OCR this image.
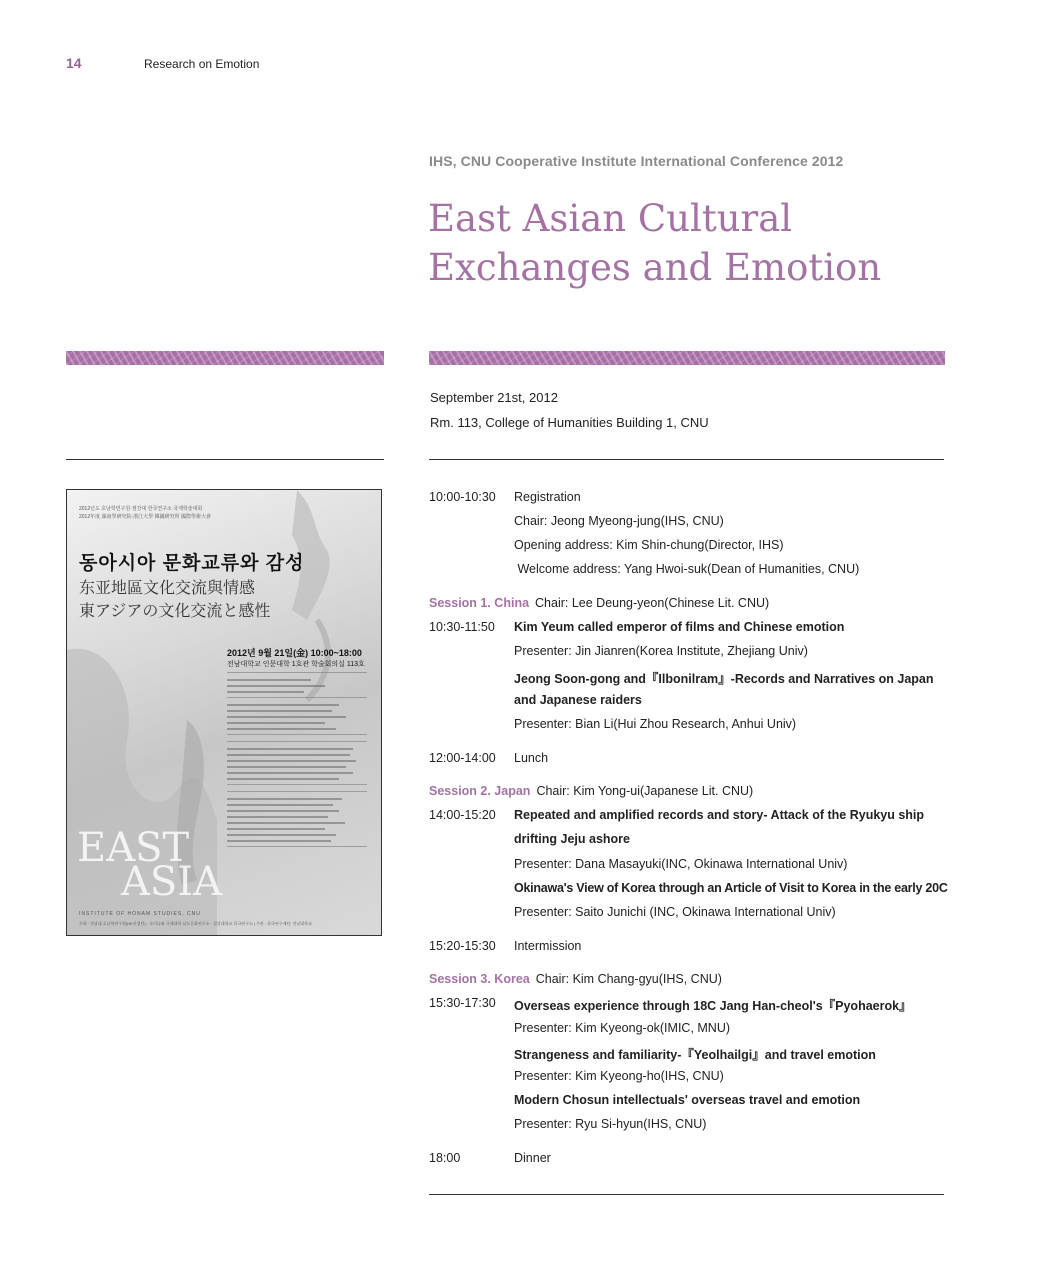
14	Research on Emotion
IHS, CNU Cooperative Institute International Conference 2012
East Asian Cultural
Exchanges and Emotion
September 21st, 2012
Rm. 113, College of Humanities Building 1, CNU
2012년도 호남학연구원·절강대 한국연구소 국제학술대회
2012年度 湖南學硏究院·浙江大學 韓國硏究所 國際學術大會
동아시아 문화교류와 감성
东亚地區文化交流與情感
東アジアの文化交流と感性
2012년 9월 21일(金) 10:00~18:00
전남대학교 인문대학 1호관 학술회의실 113호
EAST
ASIA
INSTITUTE OF HONAM STUDIES, CNU
주최 : 전남대 호남학연구원(HK사업단) · 오키나와 국제대학 남도문화연구소 · 절강대학교 한국연구소 | 주관 : 한국연구재단, 전남대학교
10:00-10:30 Registration
Chair: Jeong Myeong-jung(IHS, CNU)
Opening address: Kim Shin-chung(Director, IHS)
Welcome address: Yang Hwoi-suk(Dean of Humanities, CNU)
Session 1. China Chair: Lee Deung-yeon(Chinese Lit. CNU)
10:30-11:50 Kim Yeum called emperor of films and Chinese emotion
Presenter: Jin Jianren(Korea Institute, Zhejiang Univ)
Jeong Soon-gong and『Ilbonilram』-Records and Narratives on Japan
and Japanese raiders
Presenter: Bian Li(Hui Zhou Research, Anhui Univ)
12:00-14:00 Lunch
Session 2. Japan Chair: Kim Yong-ui(Japanese Lit. CNU)
14:00-15:20 Repeated and amplified records and story- Attack of the Ryukyu ship
drifting Jeju ashore
Presenter: Dana Masayuki(INC, Okinawa International Univ)
Okinawa's View of Korea through an Article of Visit to Korea in the early 20C
Presenter: Saito Junichi (INC, Okinawa International Univ)
15:20-15:30 Intermission
Session 3. Korea Chair: Kim Chang-gyu(IHS, CNU)
15:30-17:30 Overseas experience through 18C Jang Han-cheol's『Pyohaerok』
Presenter: Kim Kyeong-ok(IMIC, MNU)
Strangeness and familiarity-『Yeolhailgi』and travel emotion
Presenter: Kim Kyeong-ho(IHS, CNU)
Modern Chosun intellectuals' overseas travel and emotion
Presenter: Ryu Si-hyun(IHS, CNU)
18:00	Dinner
